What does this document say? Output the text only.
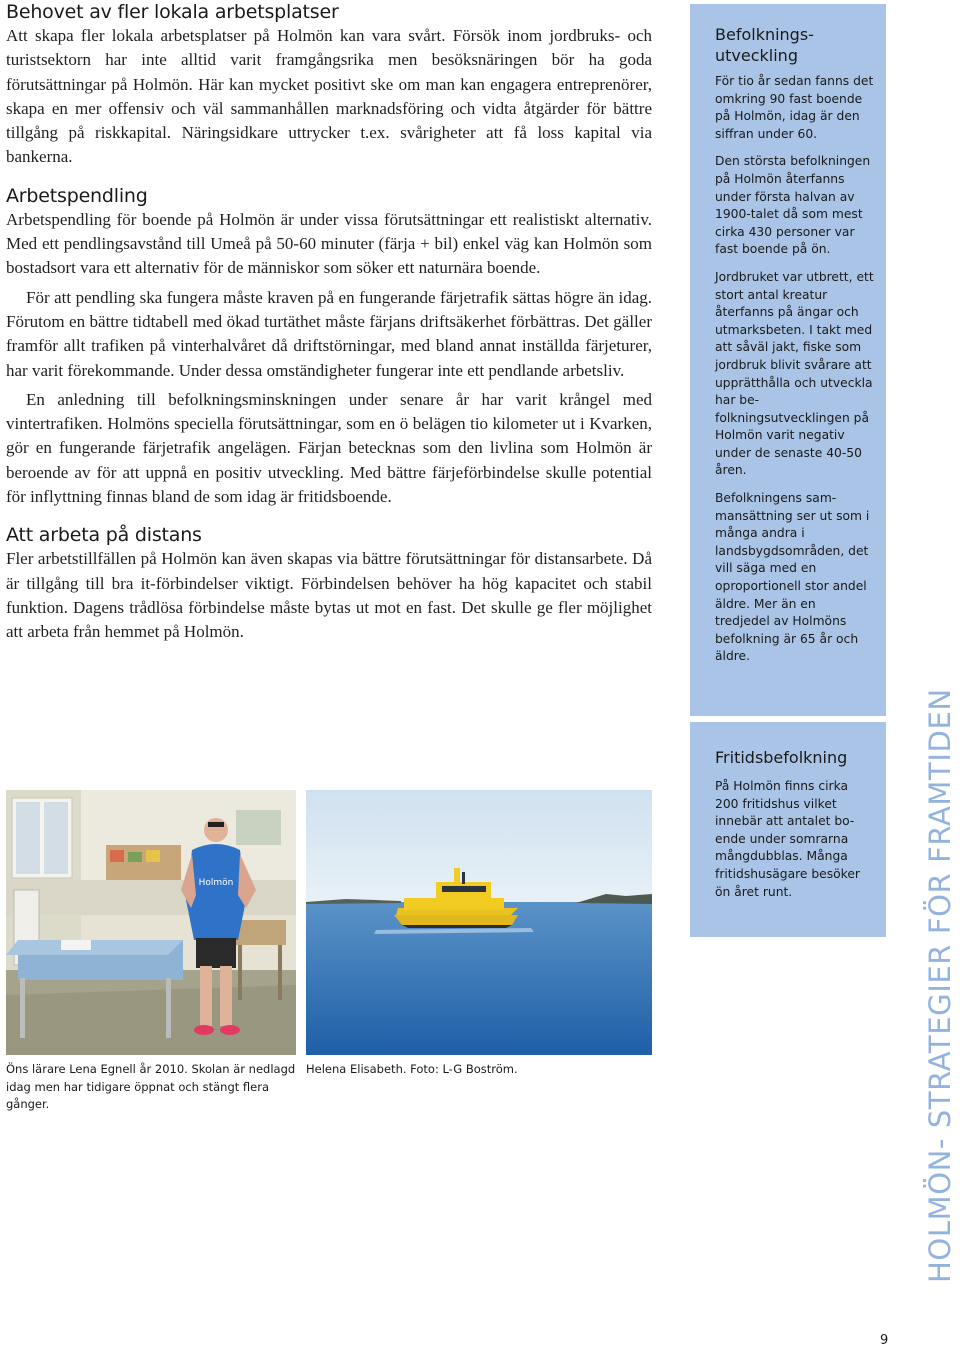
Behovet av fler lokala arbetsplatser

Att skapa fler lokala arbetsplatser på Holmön kan vara svårt. Försök inom jordbruks- och turistsektorn har inte alltid varit framgångsrika men besöksnäringen bör ha goda förutsättningar på Holmön. Här kan mycket positivt ske om man kan engagera entreprenörer, skapa en mer offensiv och väl sammanhållen marknadsföring och vidta åtgärder för bättre tillgång på riskkapital. Näringsidkare uttrycker t.ex. svårigheter att få loss kapital via bankerna.

Arbetspendling

Arbetspendling för boende på Holmön är under vissa förutsättningar ett realistiskt alternativ. Med ett pendlingsavstånd till Umeå på 50-60 minuter (färja + bil) enkel väg kan Holmön som bostadsort vara ett alternativ för de människor som söker ett naturnära boende.

För att pendling ska fungera måste kraven på en fungerande färjetrafik sättas högre än idag. Förutom en bättre tidtabell med ökad turtäthet måste färjans driftsäkerhet förbättras. Det gäller framför allt trafiken på vinterhalvåret då driftstörningar, med bland annat inställda färjeturer, har varit förekommande. Under dessa omständigheter fungerar inte ett pendlande arbetsliv.

En anledning till befolkningsminskningen under senare år har varit krångel med vintertrafiken. Holmöns speciella förutsättningar, som en ö belägen tio kilometer ut i Kvarken, gör en fungerande färjetrafik angelägen. Färjan betecknas som den livlina som Holmön är beroende av för att uppnå en positiv utveckling. Med bättre färjeförbindelse skulle potential för inflyttning finnas bland de som idag är fritidsboende.

Att arbeta på distans

Fler arbetstillfällen på Holmön kan även skapas via bättre förutsättningar för distansarbete. Då är tillgång till bra it-förbindelser viktigt. Förbindelsen behöver ha hög kapacitet och stabil funktion. Dagens trådlösa förbindelse måste bytas ut mot en fast. Det skulle ge fler möjlighet att arbeta från hemmet på Holmön.

Holmön
Öns lärare Lena Egnell år 2010. Skolan är nedlagd idag men har tidigare öppnat och stängt flera gånger.
Helena Elisabeth. Foto: L-G Boström.
Befolkningsutveckling

För tio år sedan fanns det omkring 90 fast boende på Holmön, idag är den siffran under 60.

Den största befolkningen på Holmön återfanns under första halvan av 1900-talet då som mest cirka 430 personer var fast boende på ön.

Jordbruket var utbrett, ett stort antal kreatur återfanns på ängar och utmarksbeten. I takt med att såväl jakt, fiske som jordbruk blivit svårare att upprätthålla och utveckla har befolkningsutvecklingen på Holmön varit negativ under de senaste 40-50 åren.

Befolkningens sammansättning ser ut som i många andra i landsbygdsområden, det vill säga med en oproportionell stor andel äldre. Mer än en tredjedel av Holmöns befolkning är 65 år och äldre.

Fritidsbefolkning

På Holmön finns cirka 200 fritidshus vilket innebär att antalet boende under somrarna mångdubblas. Många fritidshusägare besöker ön året runt.	HOLMÖN- STRATEGIER FÖR FRAMTIDEN
9
